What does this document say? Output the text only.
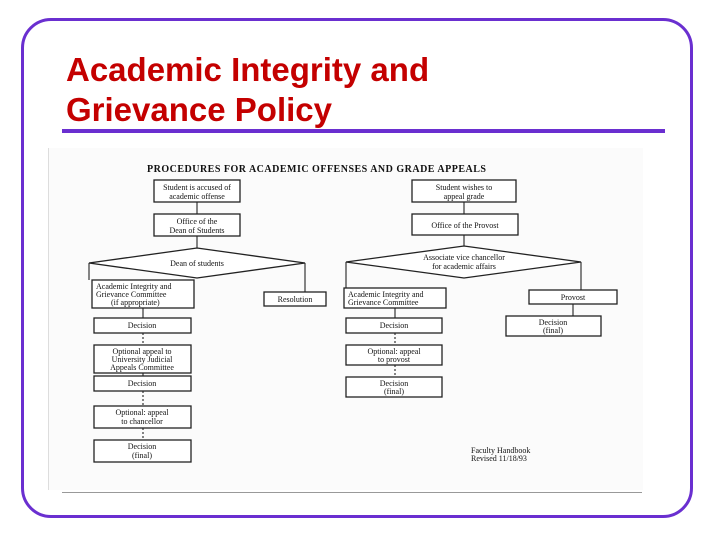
Academic Integrity and
Grievance Policy
PROCEDURES FOR ACADEMIC OFFENSES AND GRADE APPEALS
Student is accused of
academic offense
Office of the
Dean of Students
Dean of students
Academic Integrity and
Grievance Committee
(if appropriate)	Resolution
Decision
Optional appeal to
University Judicial
Appeals Committee
Decision
Optional: appeal
to chancellor
Decision
(final)
Student wishes to
appeal grade
Office of the Provost
Associate vice chancellor
for academic affairs
Academic Integrity and
Grievance Committee
Provost
Decision
Optional: appeal
to provost
Decision
(final)
Decision
(final)
Faculty Handbook
Revised 11/18/93
